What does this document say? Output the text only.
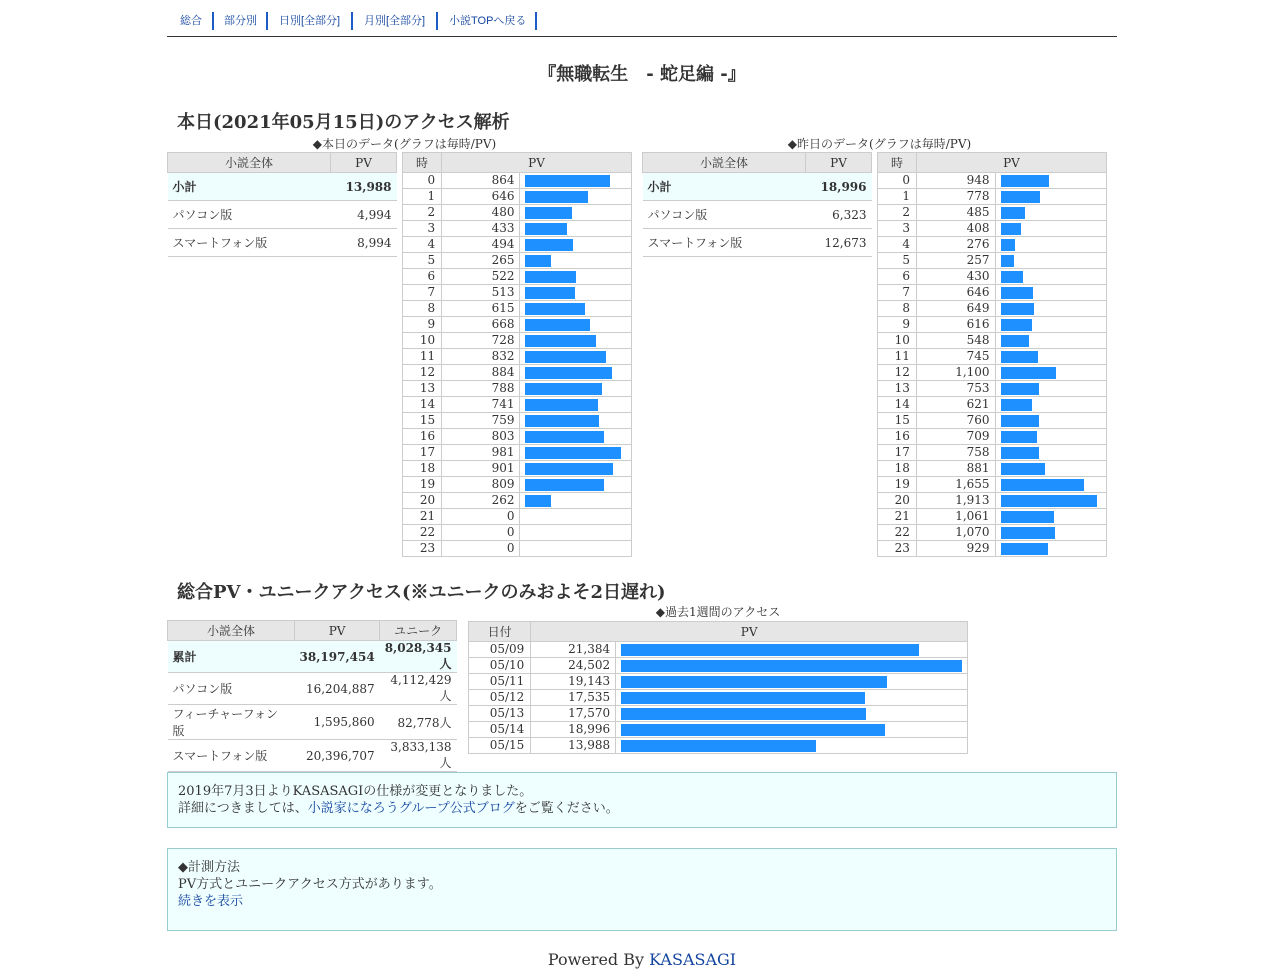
総合 部分別 日別[全部分] 月別[全部分] 小説TOPへ戻る
『無職転生　- 蛇足編 -』
本日(2021年05月15日)のアクセス解析
◆本日のデータ(グラフは毎時/PV)	◆昨日のデータ(グラフは毎時/PV)
小説全体	PV
小計	13,988
パソコン版	4,994
スマートフォン版	8,994
時	PV	
0	864	

1	646	

2	480	

3	433	

4	494	

5	265	

6	522	

7	513	

8	615	

9	668	

10	728	

11	832	

12	884	

13	788	

14	741	

15	759	

16	803	

17	981	

18	901	

19	809	

20	262	

21	0	
22	0	
23	0	
小説全体	PV
小計	18,996
パソコン版	6,323
スマートフォン版	12,673
時	PV	
0	948	

1	778	

2	485	

3	408	

4	276	

5	257	

6	430	

7	646	

8	649	

9	616	

10	548	

11	745	

12	1,100	

13	753	

14	621	

15	760	

16	709	

17	758	

18	881	

19	1,655	

20	1,913	

21	1,061	

22	1,070	

23	929	
総合PV・ユニークアクセス(※ユニークのみおよそ2日遅れ)
◆過去1週間のアクセス
小説全体	PV	ユニーク
累計	38,197,454	8,028,345人
パソコン版	16,204,887	4,112,429人
フィーチャーフォン版	1,595,860	82,778人
スマートフォン版	20,396,707	3,833,138人
日付	PV	
05/09	21,384	

05/10	24,502	

05/11	19,143	

05/12	17,535	

05/13	17,570	

05/14	18,996	

05/15	13,988	
2019年7月3日よりKASASAGIの仕様が変更となりました。
詳細につきましては、小説家になろうグループ公式ブログをご覧ください。
◆計測方法
PV方式とユニークアクセス方式があります。
続きを表示
Powered By KASASAGI
